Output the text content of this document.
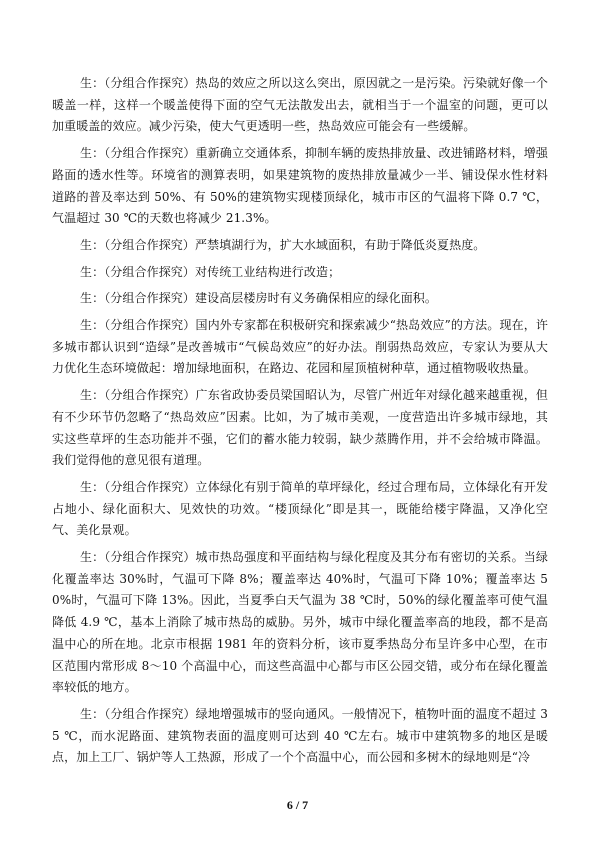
生：（分组合作探究）热岛的效应之所以这么突出，原因就之一是污染。污染就好像一个暖盖一样，这样一个暖盖使得下面的空气无法散发出去，就相当于一个温室的问题，更可以加重暖盖的效应。减少污染，使大气更透明一些，热岛效应可能会有一些缓解。

生：（分组合作探究）重新确立交通体系，抑制车辆的废热排放量、改进铺路材料，增强路面的透水性等。环境省的测算表明，如果建筑物的废热排放量减少一半、铺设保水性材料道路的普及率达到 50%、有 50%的建筑物实现楼顶绿化，城市市区的气温将下降 0.7 ℃，气温超过 30 ℃的天数也将减少 21.3%。

生：（分组合作探究）严禁填湖行为，扩大水域面积，有助于降低炎夏热度。

生：（分组合作探究）对传统工业结构进行改造；

生：（分组合作探究）建设高层楼房时有义务确保相应的绿化面积。

生：（分组合作探究）国内外专家都在积极研究和探索减少“热岛效应”的方法。现在，许多城市都认识到“造绿”是改善城市“气候岛效应”的好办法。削弱热岛效应，专家认为要从大力优化生态环境做起：增加绿地面积，在路边、花园和屋顶植树种草，通过植物吸收热量。

生：（分组合作探究）广东省政协委员梁国昭认为，尽管广州近年对绿化越来越重视，但有不少环节仍忽略了“热岛效应”因素。比如，为了城市美观，一度营造出许多城市绿地，其实这些草坪的生态功能并不强，它们的蓄水能力较弱，缺少蒸腾作用，并不会给城市降温。我们觉得他的意见很有道理。

生：（分组合作探究）立体绿化有别于简单的草坪绿化，经过合理布局，立体绿化有开发占地小、绿化面积大、见效快的功效。“楼顶绿化”即是其一，既能给楼宇降温，又净化空气、美化景观。

生：（分组合作探究）城市热岛强度和平面结构与绿化程度及其分布有密切的关系。当绿化覆盖率达 30%时，气温可下降 8%；覆盖率达 40%时，气温可下降 10%；覆盖率达 50%时，气温可下降 13%。因此，当夏季白天气温为 38 ℃时，50%的绿化覆盖率可使气温降低 4.9 ℃，基本上消除了城市热岛的威胁。另外，城市中绿化覆盖率高的地段，都不是高温中心的所在地。北京市根据 1981 年的资料分析，该市夏季热岛分布呈许多中心型，在市区范围内常形成 8～10 个高温中心，而这些高温中心都与市区公园交错，或分布在绿化覆盖率较低的地方。

生：（分组合作探究）绿地增强城市的竖向通风。一般情况下，植物叶面的温度不超过 35 ℃，而水泥路面、建筑物表面的温度则可达到 40 ℃左右。城市中建筑物多的地区是暖点，加上工厂、锅炉等人工热源，形成了一个个高温中心，而公园和多树木的绿地则是“冷

6 / 7
